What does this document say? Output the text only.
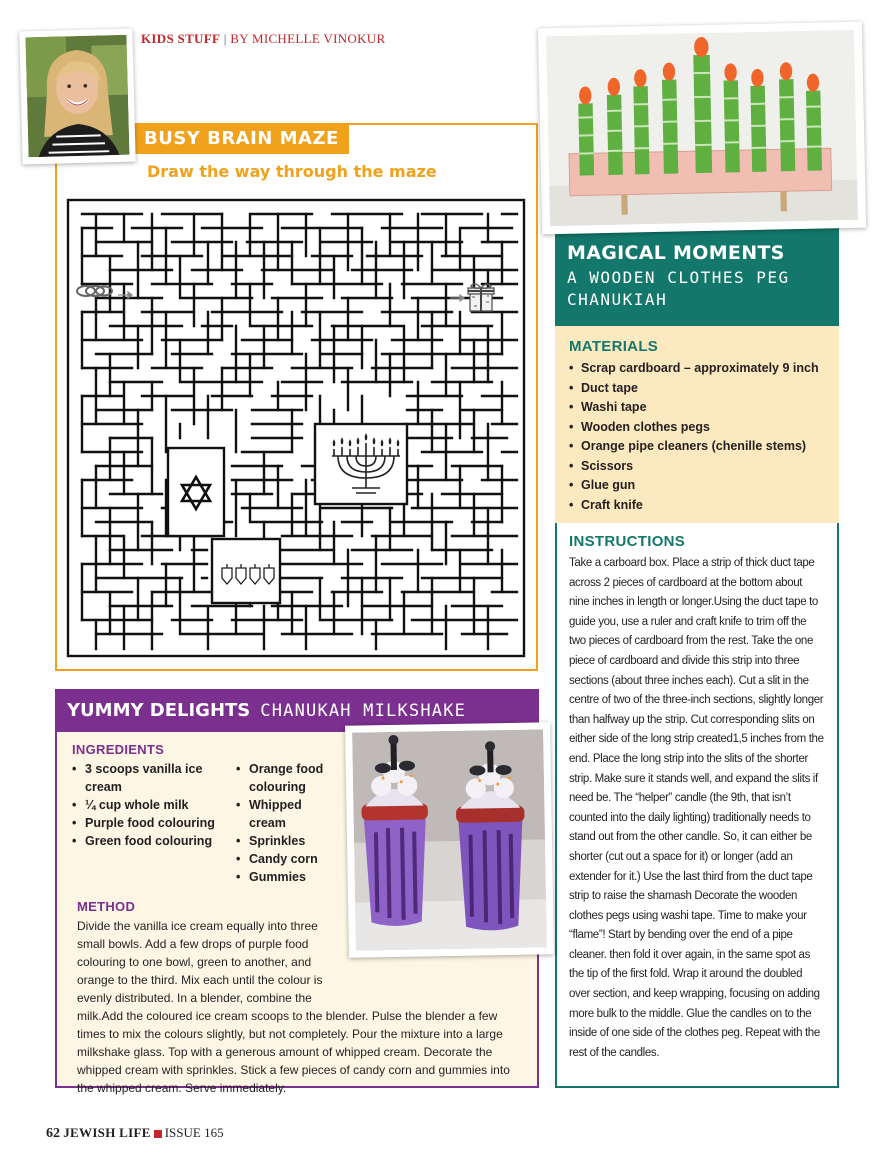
KIDS STUFF | BY MICHELLE VINOKUR
BUSY BRAIN MAZE
Draw the way through the maze
MAGICAL MOMENTS
A WOODEN CLOTHES PEG
CHANUKIAH
MATERIALS
• Scrap cardboard – approximately 9 inch
• Duct tape
• Washi tape
• Wooden clothes pegs
• Orange pipe cleaners (chenille stems)
• Scissors
• Glue gun
• Craft knife
INSTRUCTIONS

Take a carboard box. Place a strip of thick duct tape across 2 pieces of cardboard at the bottom about nine inches in length or longer.Using the duct tape to guide you, use a ruler and craft knife to trim off the two pieces of cardboard from the rest. Take the one piece of cardboard and divide this strip into three sections (about three inches each). Cut a slit in the centre of two of the three-inch sections, slightly longer than halfway up the strip. Cut corresponding slits on either side of the long strip created1,5 inches from the end. Place the long strip into the slits of the shorter strip. Make sure it stands well, and expand the slits if need be. The “helper” candle (the 9th, that isn’t counted into the daily lighting) traditionally needs to stand out from the other candle. So, it can either be shorter (cut out a space for it) or longer (add an extender for it.) Use the last third from the duct tape strip to raise the shamash Decorate the wooden clothes pegs using washi tape. Time to make your “flame”! Start by bending over the end of a pipe cleaner. then fold it over again, in the same spot as the tip of the first fold. Wrap it around the doubled over section, and keep wrapping, focusing on adding more bulk to the middle. Glue the candles on to the inside of one side of the clothes peg. Repeat with the rest of the candles.

YUMMY DELIGHTS CHANUKAH MILKSHAKE
INGREDIENTS
• 3 scoops vanilla ice cream
• ¼ cup whole milk
• Purple food colouring
• Green food colouring
• Orange food colouring
• Whipped cream
• Sprinkles
• Candy corn
• Gummies
METHOD
Divide the vanilla ice cream equally into three small bowls. Add a few drops of purple food colouring to one bowl, green to another, and orange to the third. Mix each until the colour is evenly distributed. In a blender, combine the milk.Add the coloured ice cream scoops to the blender. Pulse the blender a few times to mix the colours slightly, but not completely. Pour the mixture into a large milkshake glass. Top with a generous amount of whipped cream. Decorate the whipped cream with sprinkles. Stick a few pieces of candy corn and gummies into the whipped cream. Serve immediately.
62 JEWISH LIFE ISSUE 165
